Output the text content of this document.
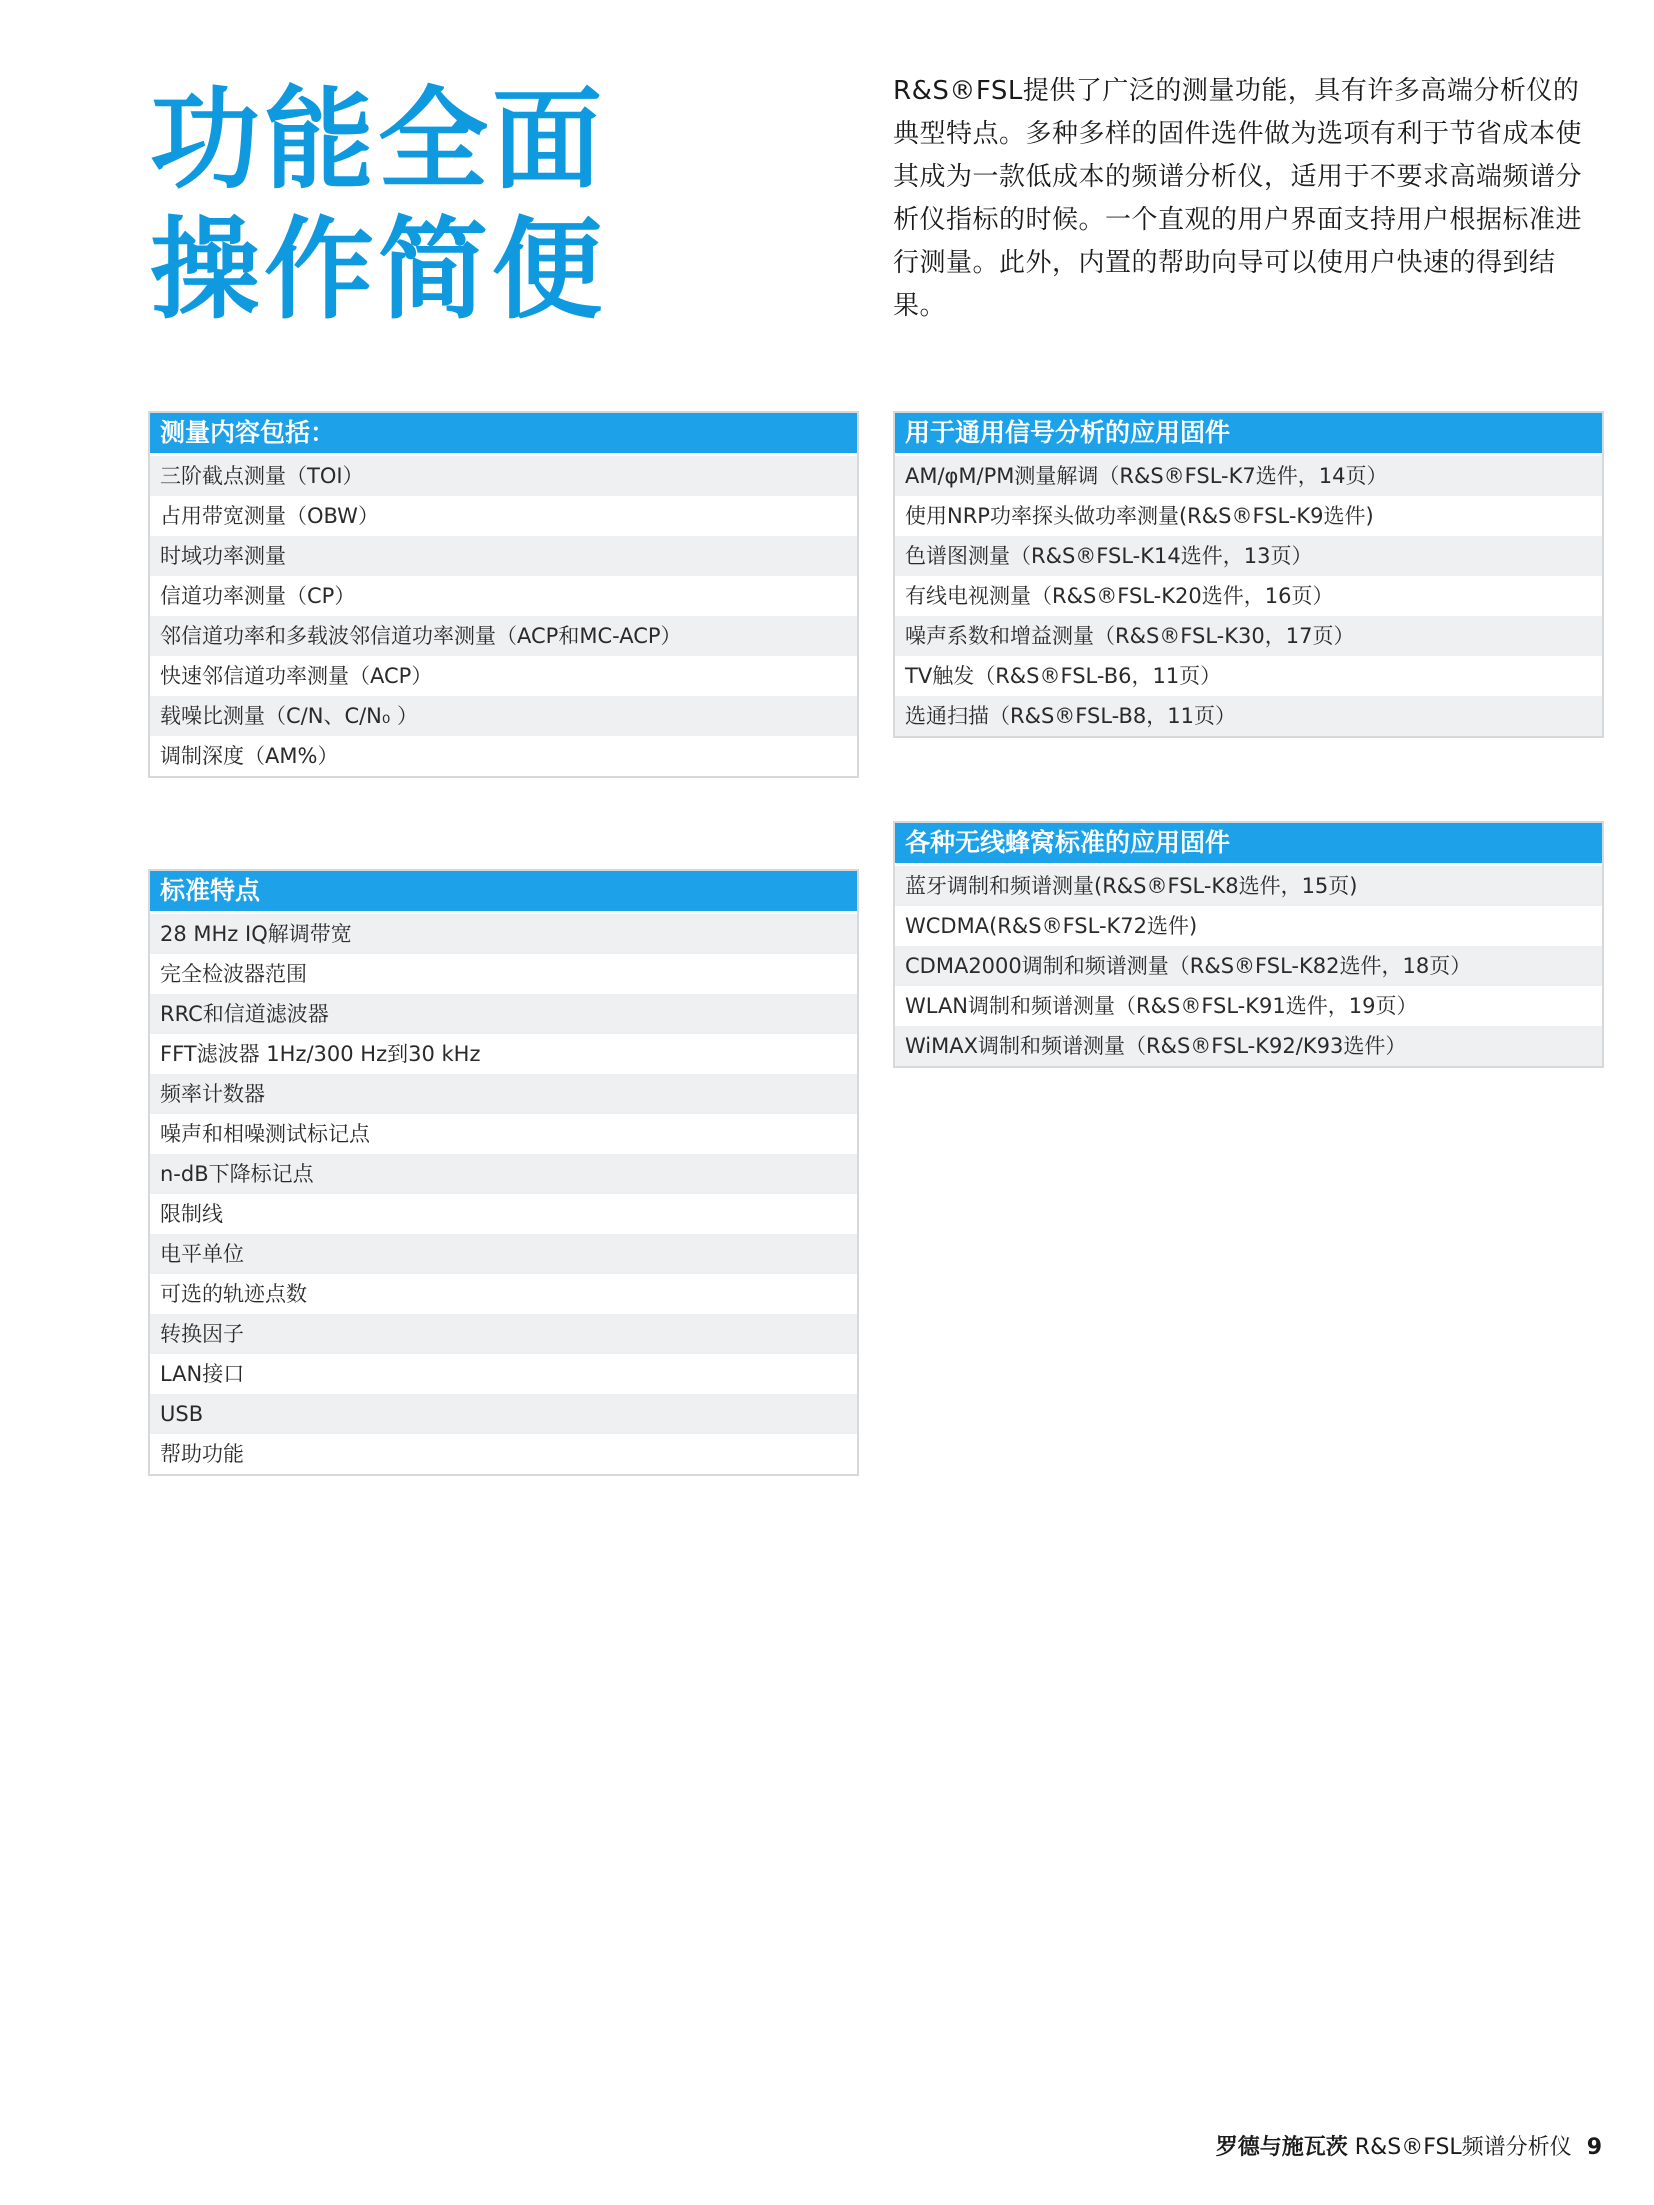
功能全面
操作简便

R&S®FSL提供了广泛的测量功能，具有许多高端分析仪的典型特点。多种多样的固件选件做为选项有利于节省成本使其成为一款低成本的频谱分析仪，适用于不要求高端频谱分析仪指标的时候。一个直观的用户界面支持用户根据标准进行测量。此外，内置的帮助向导可以使用户快速的得到结果。

测量内容包括：
三阶截点测量（TOI）
占用带宽测量（OBW）
时域功率测量
信道功率测量（CP）
邻信道功率和多载波邻信道功率测量（ACP和MC-ACP）
快速邻信道功率测量（ACP）
载噪比测量（C/N、C/N₀ ）
调制深度（AM%）
标准特点
28 MHz IQ解调带宽
完全检波器范围
RRC和信道滤波器
FFT滤波器 1Hz/300 Hz到30 kHz
频率计数器
噪声和相噪测试标记点
n-dB下降标记点
限制线
电平单位
可选的轨迹点数
转换因子
LAN接口
USB
帮助功能
用于通用信号分析的应用固件
AM/φM/PM测量解调（R&S®FSL-K7选件，14页）
使用NRP功率探头做功率测量(R&S®FSL-K9选件)
色谱图测量（R&S®FSL-K14选件，13页）
有线电视测量（R&S®FSL-K20选件，16页）
噪声系数和增益测量（R&S®FSL-K30，17页）
TV触发（R&S®FSL-B6，11页）
选通扫描（R&S®FSL-B8，11页）
各种无线蜂窝标准的应用固件
蓝牙调制和频谱测量(R&S®FSL-K8选件，15页)
WCDMA(R&S®FSL-K72选件)
CDMA2000调制和频谱测量（R&S®FSL-K82选件，18页）
WLAN调制和频谱测量（R&S®FSL-K91选件，19页）
WiMAX调制和频谱测量（R&S®FSL-K92/K93选件）
罗德与施瓦茨 R&S®FSL频谱分析仪 9
